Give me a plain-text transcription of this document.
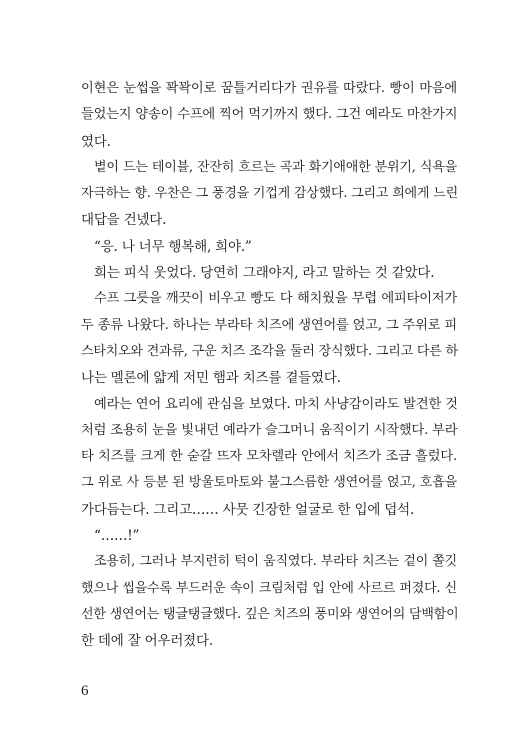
이현은 눈썹을 꽉꽉이로 꿈틀거리다가 권유를 따랐다. 빵이 마음에
들었는지 양송이 수프에 찍어 먹기까지 했다. 그건 예라도 마찬가지
였다.
볕이 드는 테이블, 잔잔히 흐르는 곡과 화기애애한 분위기, 식욕을
자극하는 향. 우찬은 그 풍경을 기껍게 감상했다. 그리고 희에게 느린
대답을 건넸다.
“응. 나 너무 행복해, 희야.”
희는 피식 웃었다. 당연히 그래야지, 라고 말하는 것 같았다.
수프 그릇을 깨끗이 비우고 빵도 다 해치웠을 무렵 에피타이저가
두 종류 나왔다. 하나는 부라타 치즈에 생연어를 얹고, 그 주위로 피
스타치오와 견과류, 구운 치즈 조각을 둘러 장식했다. 그리고 다른 하
나는 멜론에 얇게 저민 햄과 치즈를 곁들였다.
예라는 연어 요리에 관심을 보였다. 마치 사냥감이라도 발견한 것
처럼 조용히 눈을 빛내던 예라가 슬그머니 움직이기 시작했다. 부라
타 치즈를 크게 한 숟갈 뜨자 모차렐라 안에서 치즈가 조금 흘렀다.
그 위로 사 등분 된 방울토마토와 불그스름한 생연어를 얹고, 호흡을
가다듬는다. 그리고…… 사뭇 긴장한 얼굴로 한 입에 덥석.
“……!”
조용히, 그러나 부지런히 턱이 움직였다. 부라타 치즈는 겉이 쫄깃
했으나 씹을수록 부드러운 속이 크림처럼 입 안에 사르르 퍼졌다. 신
선한 생연어는 탱글탱글했다. 깊은 치즈의 풍미와 생연어의 담백함이
한 데에 잘 어우러졌다.
6
